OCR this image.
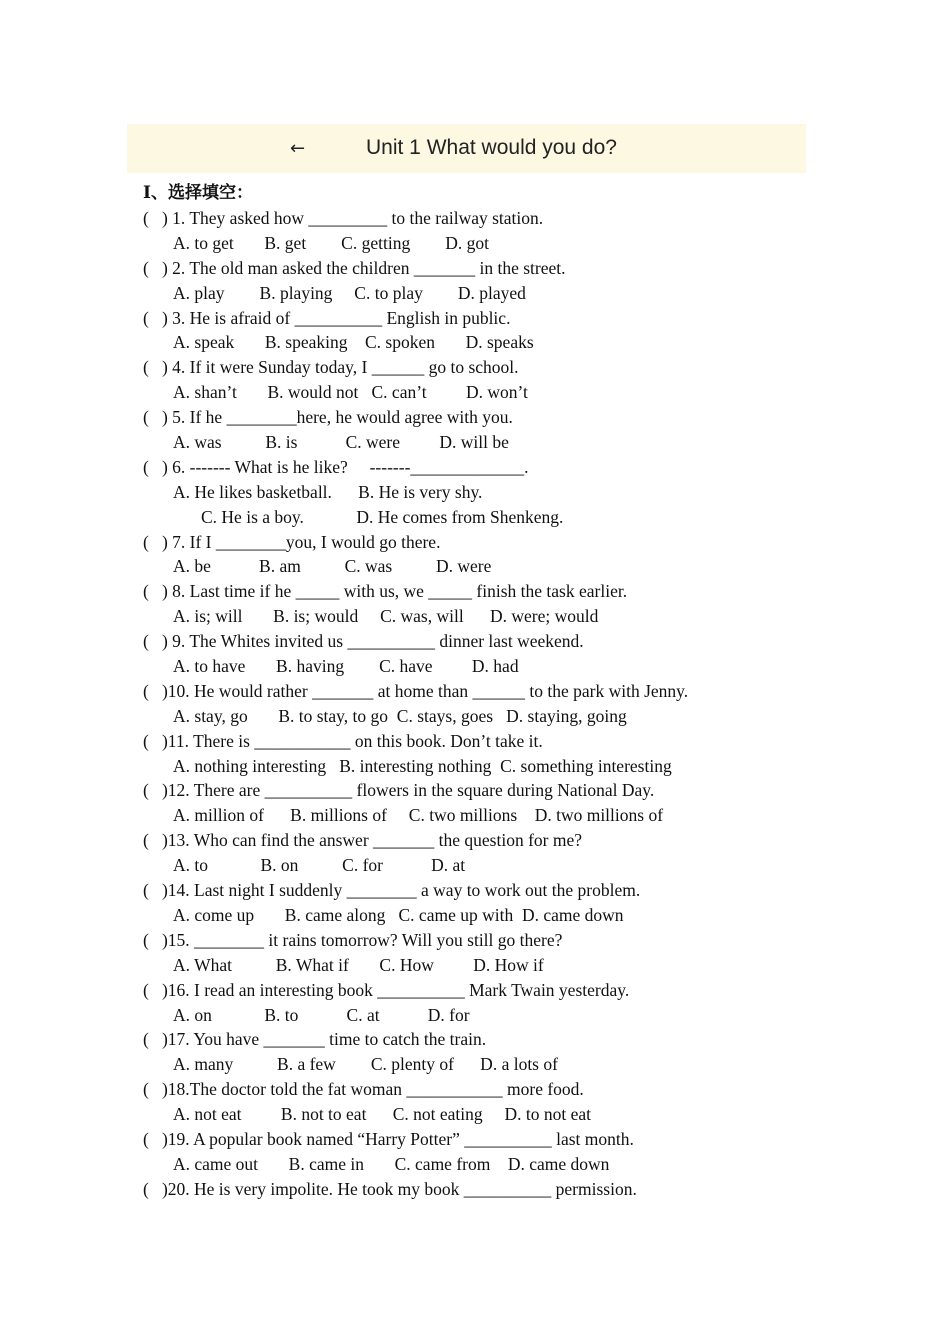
←	Unit 1 What would you do?
I、选择填空：
(   ) 1. They asked how _________ to the railway station.
A. to get       B. get        C. getting        D. got
(   ) 2. The old man asked the children _______ in the street.
A. play        B. playing     C. to play        D. played
(   ) 3. He is afraid of __________ English in public.
A. speak       B. speaking    C. spoken       D. speaks
(   ) 4. If it were Sunday today, I ______ go to school.
A. shan’t       B. would not   C. can’t         D. won’t
(   ) 5. If he ________here, he would agree with you.
A. was          B. is           C. were         D. will be
(   ) 6. ------- What is he like?     -------_____________.
A. He likes basketball.      B. He is very shy.
C. He is a boy.            D. He comes from Shenkeng.
(   ) 7. If I ________you, I would go there.
A. be           B. am          C. was          D. were
(   ) 8. Last time if he _____ with us, we _____ finish the task earlier.
A. is; will       B. is; would     C. was, will      D. were; would
(   ) 9. The Whites invited us __________ dinner last weekend.
A. to have       B. having        C. have         D. had
(   )10. He would rather _______ at home than ______ to the park with Jenny.
A. stay, go       B. to stay, to go  C. stays, goes   D. staying, going
(   )11. There is ___________ on this book. Don’t take it.
A. nothing interesting   B. interesting nothing  C. something interesting
(   )12. There are __________ flowers in the square during National Day.
A. million of      B. millions of     C. two millions    D. two millions of
(   )13. Who can find the answer _______ the question for me?
A. to            B. on          C. for           D. at
(   )14. Last night I suddenly ________ a way to work out the problem.
A. come up       B. came along   C. came up with  D. came down
(   )15. ________ it rains tomorrow? Will you still go there?
A. What          B. What if       C. How         D. How if
(   )16. I read an interesting book __________ Mark Twain yesterday.
A. on            B. to           C. at           D. for
(   )17. You have _______ time to catch the train.
A. many          B. a few        C. plenty of      D. a lots of
(   )18.The doctor told the fat woman ___________ more food.
A. not eat         B. not to eat      C. not eating     D. to not eat
(   )19. A popular book named “Harry Potter” __________ last month.
A. came out       B. came in       C. came from    D. came down
(   )20. He is very impolite. He took my book __________ permission.
